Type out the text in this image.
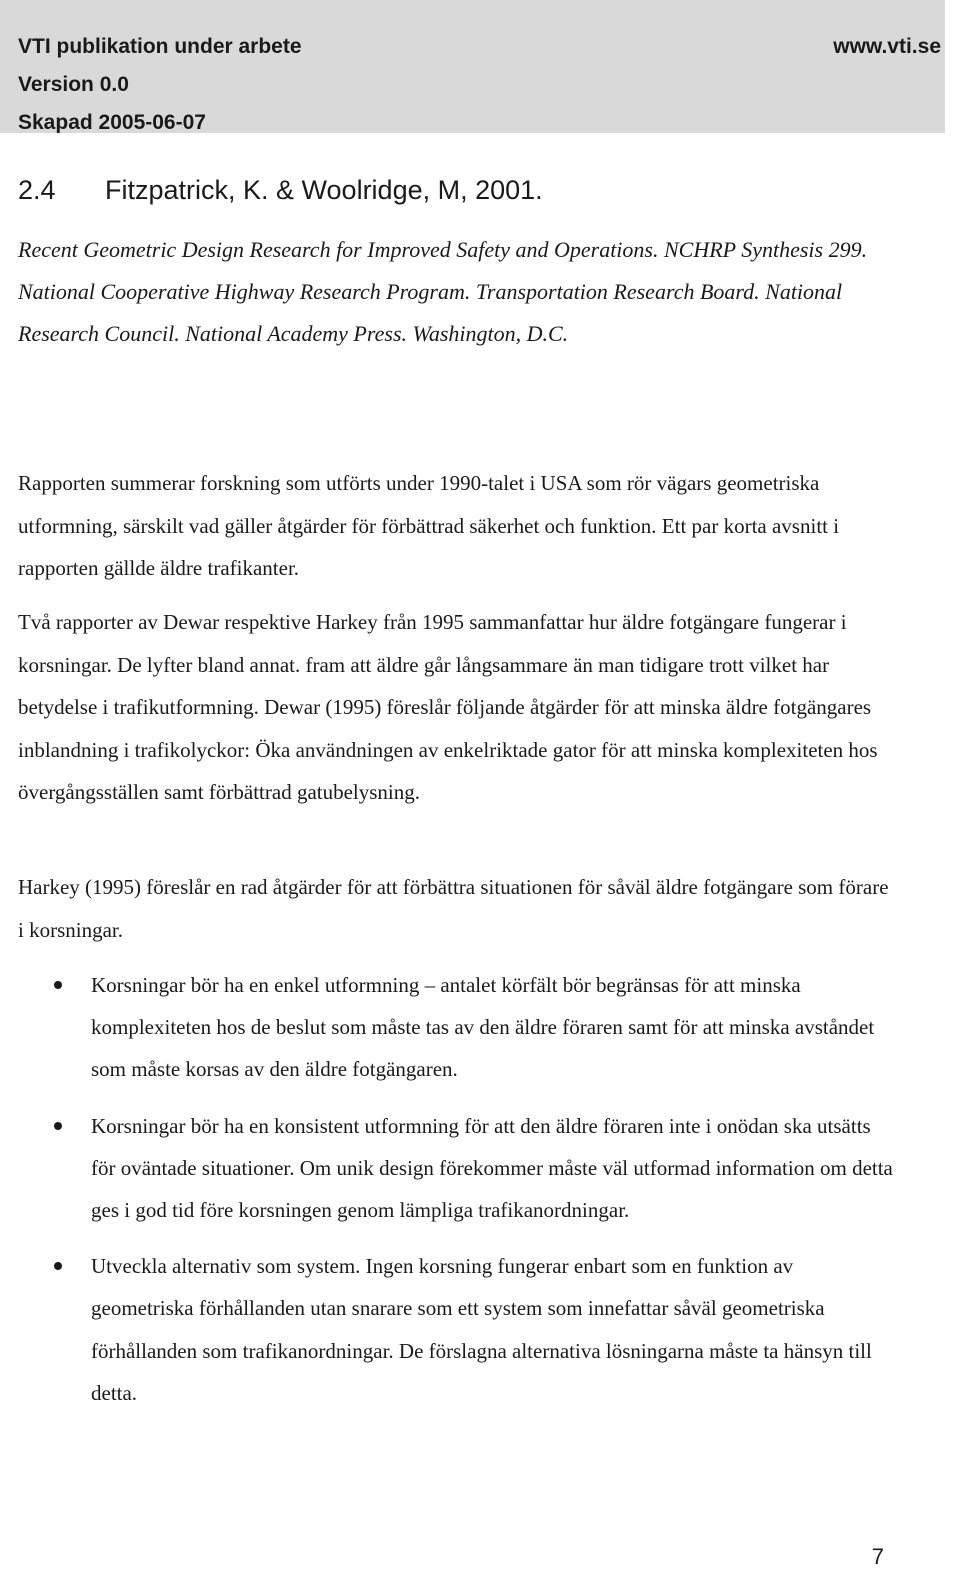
VTI publikation under arbete	www.vti.se
Version 0.0
Skapad 2005-06-07
2.4 Fitzpatrick, K. & Woolridge, M, 2001.
Recent Geometric Design Research for Improved Safety and Operations. NCHRP Synthesis 299. National Cooperative Highway Research Program. Transportation Research Board. National Research Council. National Academy Press. Washington, D.C.

Rapporten summerar forskning som utförts under 1990-talet i USA som rör vägars geometriska utformning, särskilt vad gäller åtgärder för förbättrad säkerhet och funktion. Ett par korta avsnitt i rapporten gällde äldre trafikanter.

Två rapporter av Dewar respektive Harkey från 1995 sammanfattar hur äldre fotgängare fungerar i korsningar. De lyfter bland annat. fram att äldre går långsammare än man tidigare trott vilket har betydelse i trafikutformning. Dewar (1995) föreslår följande åtgärder för att minska äldre fotgängares inblandning i trafikolyckor: Öka användningen av enkelriktade gator för att minska komplexiteten hos övergångsställen samt förbättrad gatubelysning.

Harkey (1995) föreslår en rad åtgärder för att förbättra situationen för såväl äldre fotgängare som förare i korsningar.

Korsningar bör ha en enkel utformning – antalet körfält bör begränsas för att minska komplexiteten hos de beslut som måste tas av den äldre föraren samt för att minska avståndet som måste korsas av den äldre fotgängaren.
Korsningar bör ha en konsistent utformning för att den äldre föraren inte i onödan ska utsätts för oväntade situationer. Om unik design förekommer måste väl utformad information om detta ges i god tid före korsningen genom lämpliga trafikanordningar.
Utveckla alternativ som system. Ingen korsning fungerar enbart som en funktion av geometriska förhållanden utan snarare som ett system som innefattar såväl geometriska förhållanden som trafikanordningar. De förslagna alternativa lösningarna måste ta hänsyn till detta.
7
